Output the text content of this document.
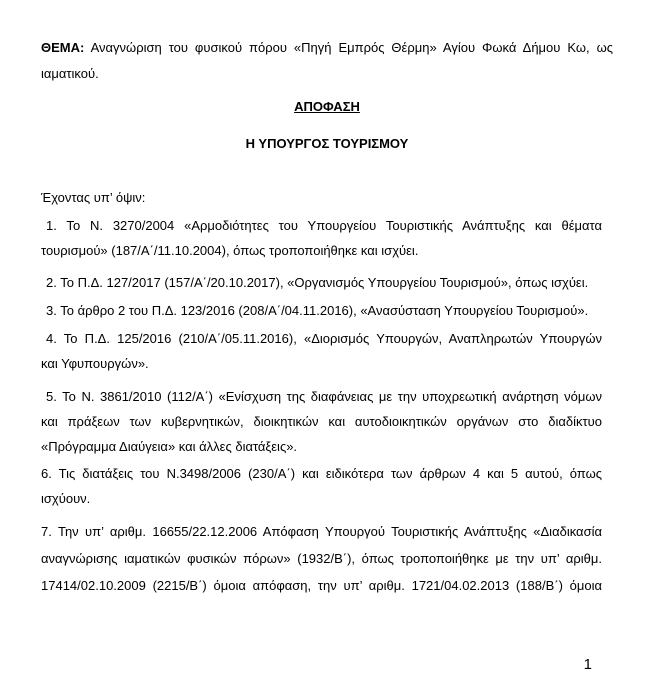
ΘΕΜΑ: Αναγνώριση του φυσικού πόρου «Πηγή Εμπρός Θέρμη» Αγίου Φωκά Δήμου Κω, ως
ιαματικού.
ΑΠΟΦΑΣΗ
Η ΥΠΟΥΡΓΟΣ ΤΟΥΡΙΣΜΟΥ
Έχοντας υπ’ όψιν:
1. Το Ν. 3270/2004 «Αρμοδιότητες του Υπουργείου Τουριστικής Ανάπτυξης και θέματα
τουρισμού» (187/Α΄/11.10.2004), όπως τροποποιήθηκε και ισχύει.
2. Το Π.Δ. 127/2017 (157/Α΄/20.10.2017), «Οργανισμός Υπουργείου Τουρισμού», όπως ισχύει.
3. Το άρθρο 2 του Π.Δ. 123/2016 (208/Α΄/04.11.2016), «Ανασύσταση Υπουργείου Τουρισμού».
4. Το Π.Δ. 125/2016 (210/Α΄/05.11.2016), «Διορισμός Υπουργών, Αναπληρωτών Υπουργών
και Υφυπουργών».
5. Το Ν. 3861/2010 (112/Α΄) «Ενίσχυση της διαφάνειας με την υποχρεωτική ανάρτηση νόμων
και πράξεων των κυβερνητικών, διοικητικών και αυτοδιοικητικών οργάνων στο διαδίκτυο
«Πρόγραμμα Διαύγεια» και άλλες διατάξεις».
6. Τις διατάξεις του Ν.3498/2006 (230/Α΄) και ειδικότερα των άρθρων 4 και 5 αυτού, όπως
ισχύουν.
7. Την υπ’ αριθμ. 16655/22.12.2006 Απόφαση Υπουργού Τουριστικής Ανάπτυξης «Διαδικασία
αναγνώρισης ιαματικών φυσικών πόρων» (1932/Β΄), όπως τροποποιήθηκε με την υπ’ αριθμ.
17414/02.10.2009 (2215/Β΄) όμοια απόφαση, την υπ’ αριθμ. 1721/04.02.2013 (188/Β΄) όμοια
1
